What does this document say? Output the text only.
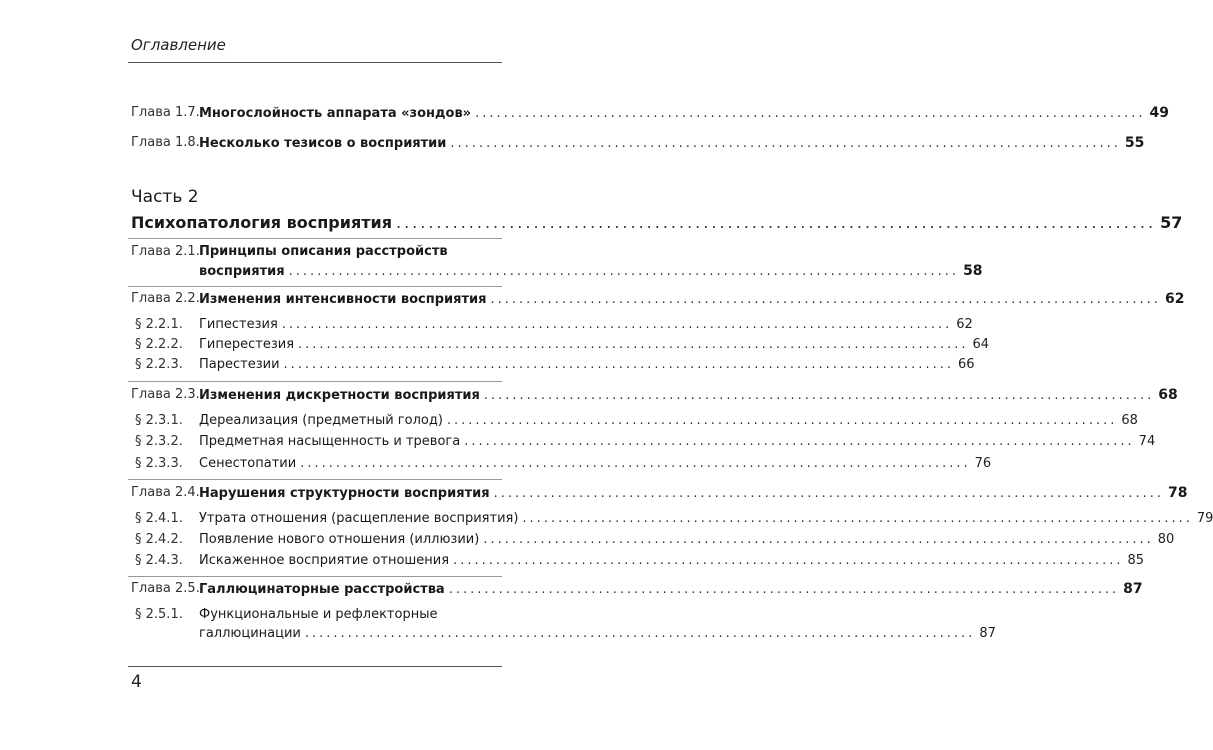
Оглавление
Глава 1.7. Многослойность аппарата «зондов» .............................................................................................. 49
Глава 1.8. Несколько тезисов о восприятии .............................................................................................. 55
Часть 2
Психопатология восприятия .............................................................................................. 57
Глава 2.1. Принципы описания расстройств
восприятия .............................................................................................. 58
Глава 2.2. Изменения интенсивности восприятия .............................................................................................. 62
§ 2.2.1. Гипестезия .............................................................................................. 62
§ 2.2.2. Гиперестезия .............................................................................................. 64
§ 2.2.3. Парестезии .............................................................................................. 66
Глава 2.3. Изменения дискретности восприятия .............................................................................................. 68
§ 2.3.1. Дереализация (предметный голод) .............................................................................................. 68
§ 2.3.2. Предметная насыщенность и тревога .............................................................................................. 74
§ 2.3.3. Сенестопатии .............................................................................................. 76
Глава 2.4. Нарушения структурности восприятия .............................................................................................. 78
§ 2.4.1. Утрата отношения (расщепление восприятия) .............................................................................................. 79
§ 2.4.2. Появление нового отношения (иллюзии) .............................................................................................. 80
§ 2.4.3. Искаженное восприятие отношения .............................................................................................. 85
Глава 2.5. Галлюцинаторные расстройства .............................................................................................. 87
§ 2.5.1. Функциональные и рефлекторные
галлюцинации .............................................................................................. 87
4
